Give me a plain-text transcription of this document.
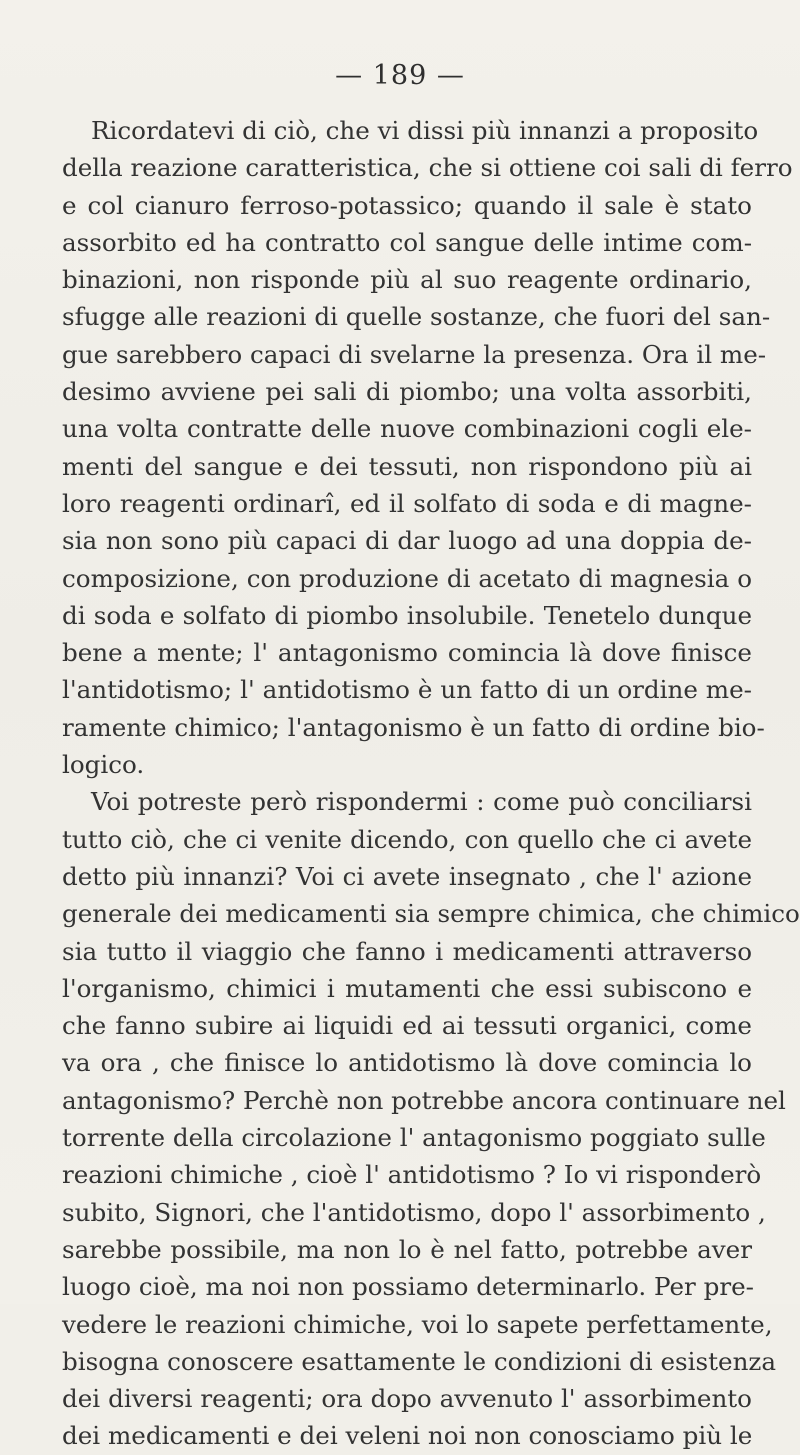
— 189 —
Ricordatevi di ciò, che vi dissi più innanzi a proposito
della reazione caratteristica, che si ottiene coi sali di ferro
e col cianuro ferroso-potassico; quando il sale è stato
assorbito ed ha contratto col sangue delle intime com-
binazioni, non risponde più al suo reagente ordinario,
sfugge alle reazioni di quelle sostanze, che fuori del san-
gue sarebbero capaci di svelarne la presenza. Ora il me-
desimo avviene pei sali di piombo; una volta assorbiti,
una volta contratte delle nuove combinazioni cogli ele-
menti del sangue e dei tessuti, non rispondono più ai
loro reagenti ordinarî, ed il solfato di soda e di magne-
sia non sono più capaci di dar luogo ad una doppia de-
composizione, con produzione di acetato di magnesia o
di soda e solfato di piombo insolubile. Tenetelo dunque
bene a mente; l' antagonismo comincia là dove finisce
l'antidotismo; l' antidotismo è un fatto di un ordine me-
ramente chimico; l'antagonismo è un fatto di ordine bio-
logico.
Voi potreste però rispondermi : come può conciliarsi
tutto ciò, che ci venite dicendo, con quello che ci avete
detto più innanzi? Voi ci avete insegnato , che l' azione
generale dei medicamenti sia sempre chimica, che chimico
sia tutto il viaggio che fanno i medicamenti attraverso
l'organismo, chimici i mutamenti che essi subiscono e
che fanno subire ai liquidi ed ai tessuti organici, come
va ora , che finisce lo antidotismo là dove comincia lo
antagonismo? Perchè non potrebbe ancora continuare nel
torrente della circolazione l' antagonismo poggiato sulle
reazioni chimiche , cioè l' antidotismo ? Io vi risponderò
subito, Signori, che l'antidotismo, dopo l' assorbimento ,
sarebbe possibile, ma non lo è nel fatto, potrebbe aver
luogo cioè, ma noi non possiamo determinarlo. Per pre-
vedere le reazioni chimiche, voi lo sapete perfettamente,
bisogna conoscere esattamente le condizioni di esistenza
dei diversi reagenti; ora dopo avvenuto l' assorbimento
dei medicamenti e dei veleni noi non conosciamo più le
